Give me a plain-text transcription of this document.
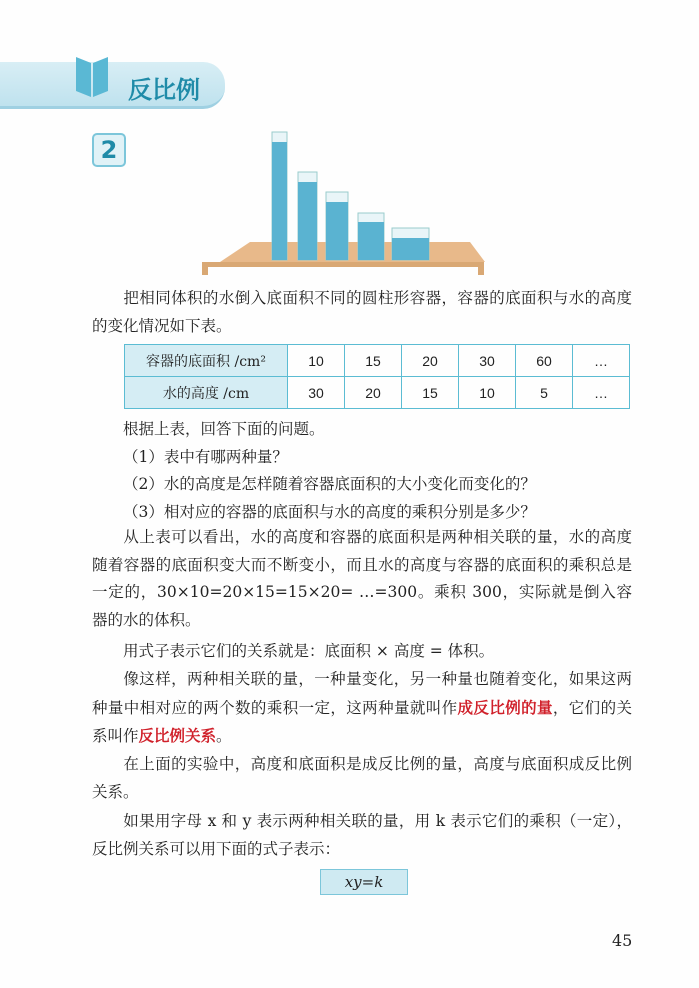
反比例
2
把相同体积的水倒入底面积不同的圆柱形容器，容器的底面积与水的高度的变化情况如下表。
容器的底面积 /cm²	10	15	20	30	60	…
水的高度 /cm	30	20	15	10	5	…
根据上表，回答下面的问题。
（1）表中有哪两种量？
（2）水的高度是怎样随着容器底面积的大小变化而变化的？
（3）相对应的容器的底面积与水的高度的乘积分别是多少？
从上表可以看出，水的高度和容器的底面积是两种相关联的量，水的高度随着容器的底面积变大而不断变小，而且水的高度与容器的底面积的乘积总是一定的，30×10=20×15=15×20= …=300。乘积 300，实际就是倒入容器的水的体积。
用式子表示它们的关系就是：底面积 × 高度 = 体积。
像这样，两种相关联的量，一种量变化，另一种量也随着变化，如果这两种量中相对应的两个数的乘积一定，这两种量就叫作成反比例的量，它们的关系叫作反比例关系。
在上面的实验中，高度和底面积是成反比例的量，高度与底面积成反比例关系。
如果用字母 x 和 y 表示两种相关联的量，用 k 表示它们的乘积（一定），反比例关系可以用下面的式子表示：
xy=k
45
